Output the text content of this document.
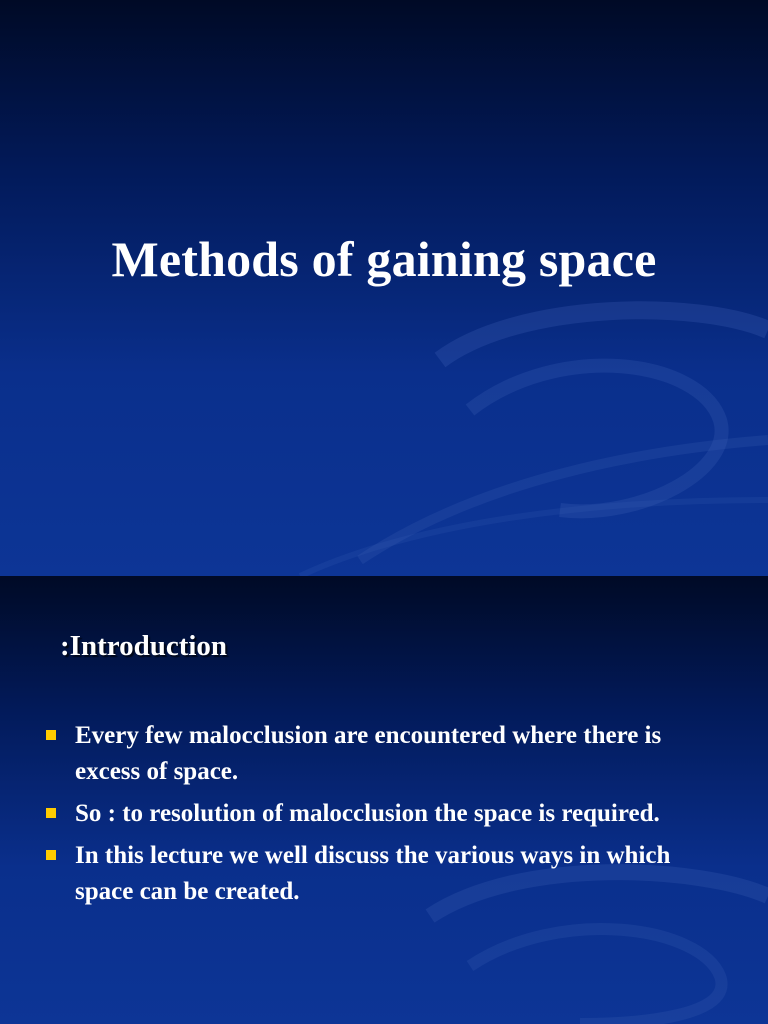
Methods of gaining space
:Introduction
Every few malocclusion are encountered where there is excess of space.
So : to resolution of malocclusion the space is required.
In this lecture we well discuss the various ways in which space can be created.
